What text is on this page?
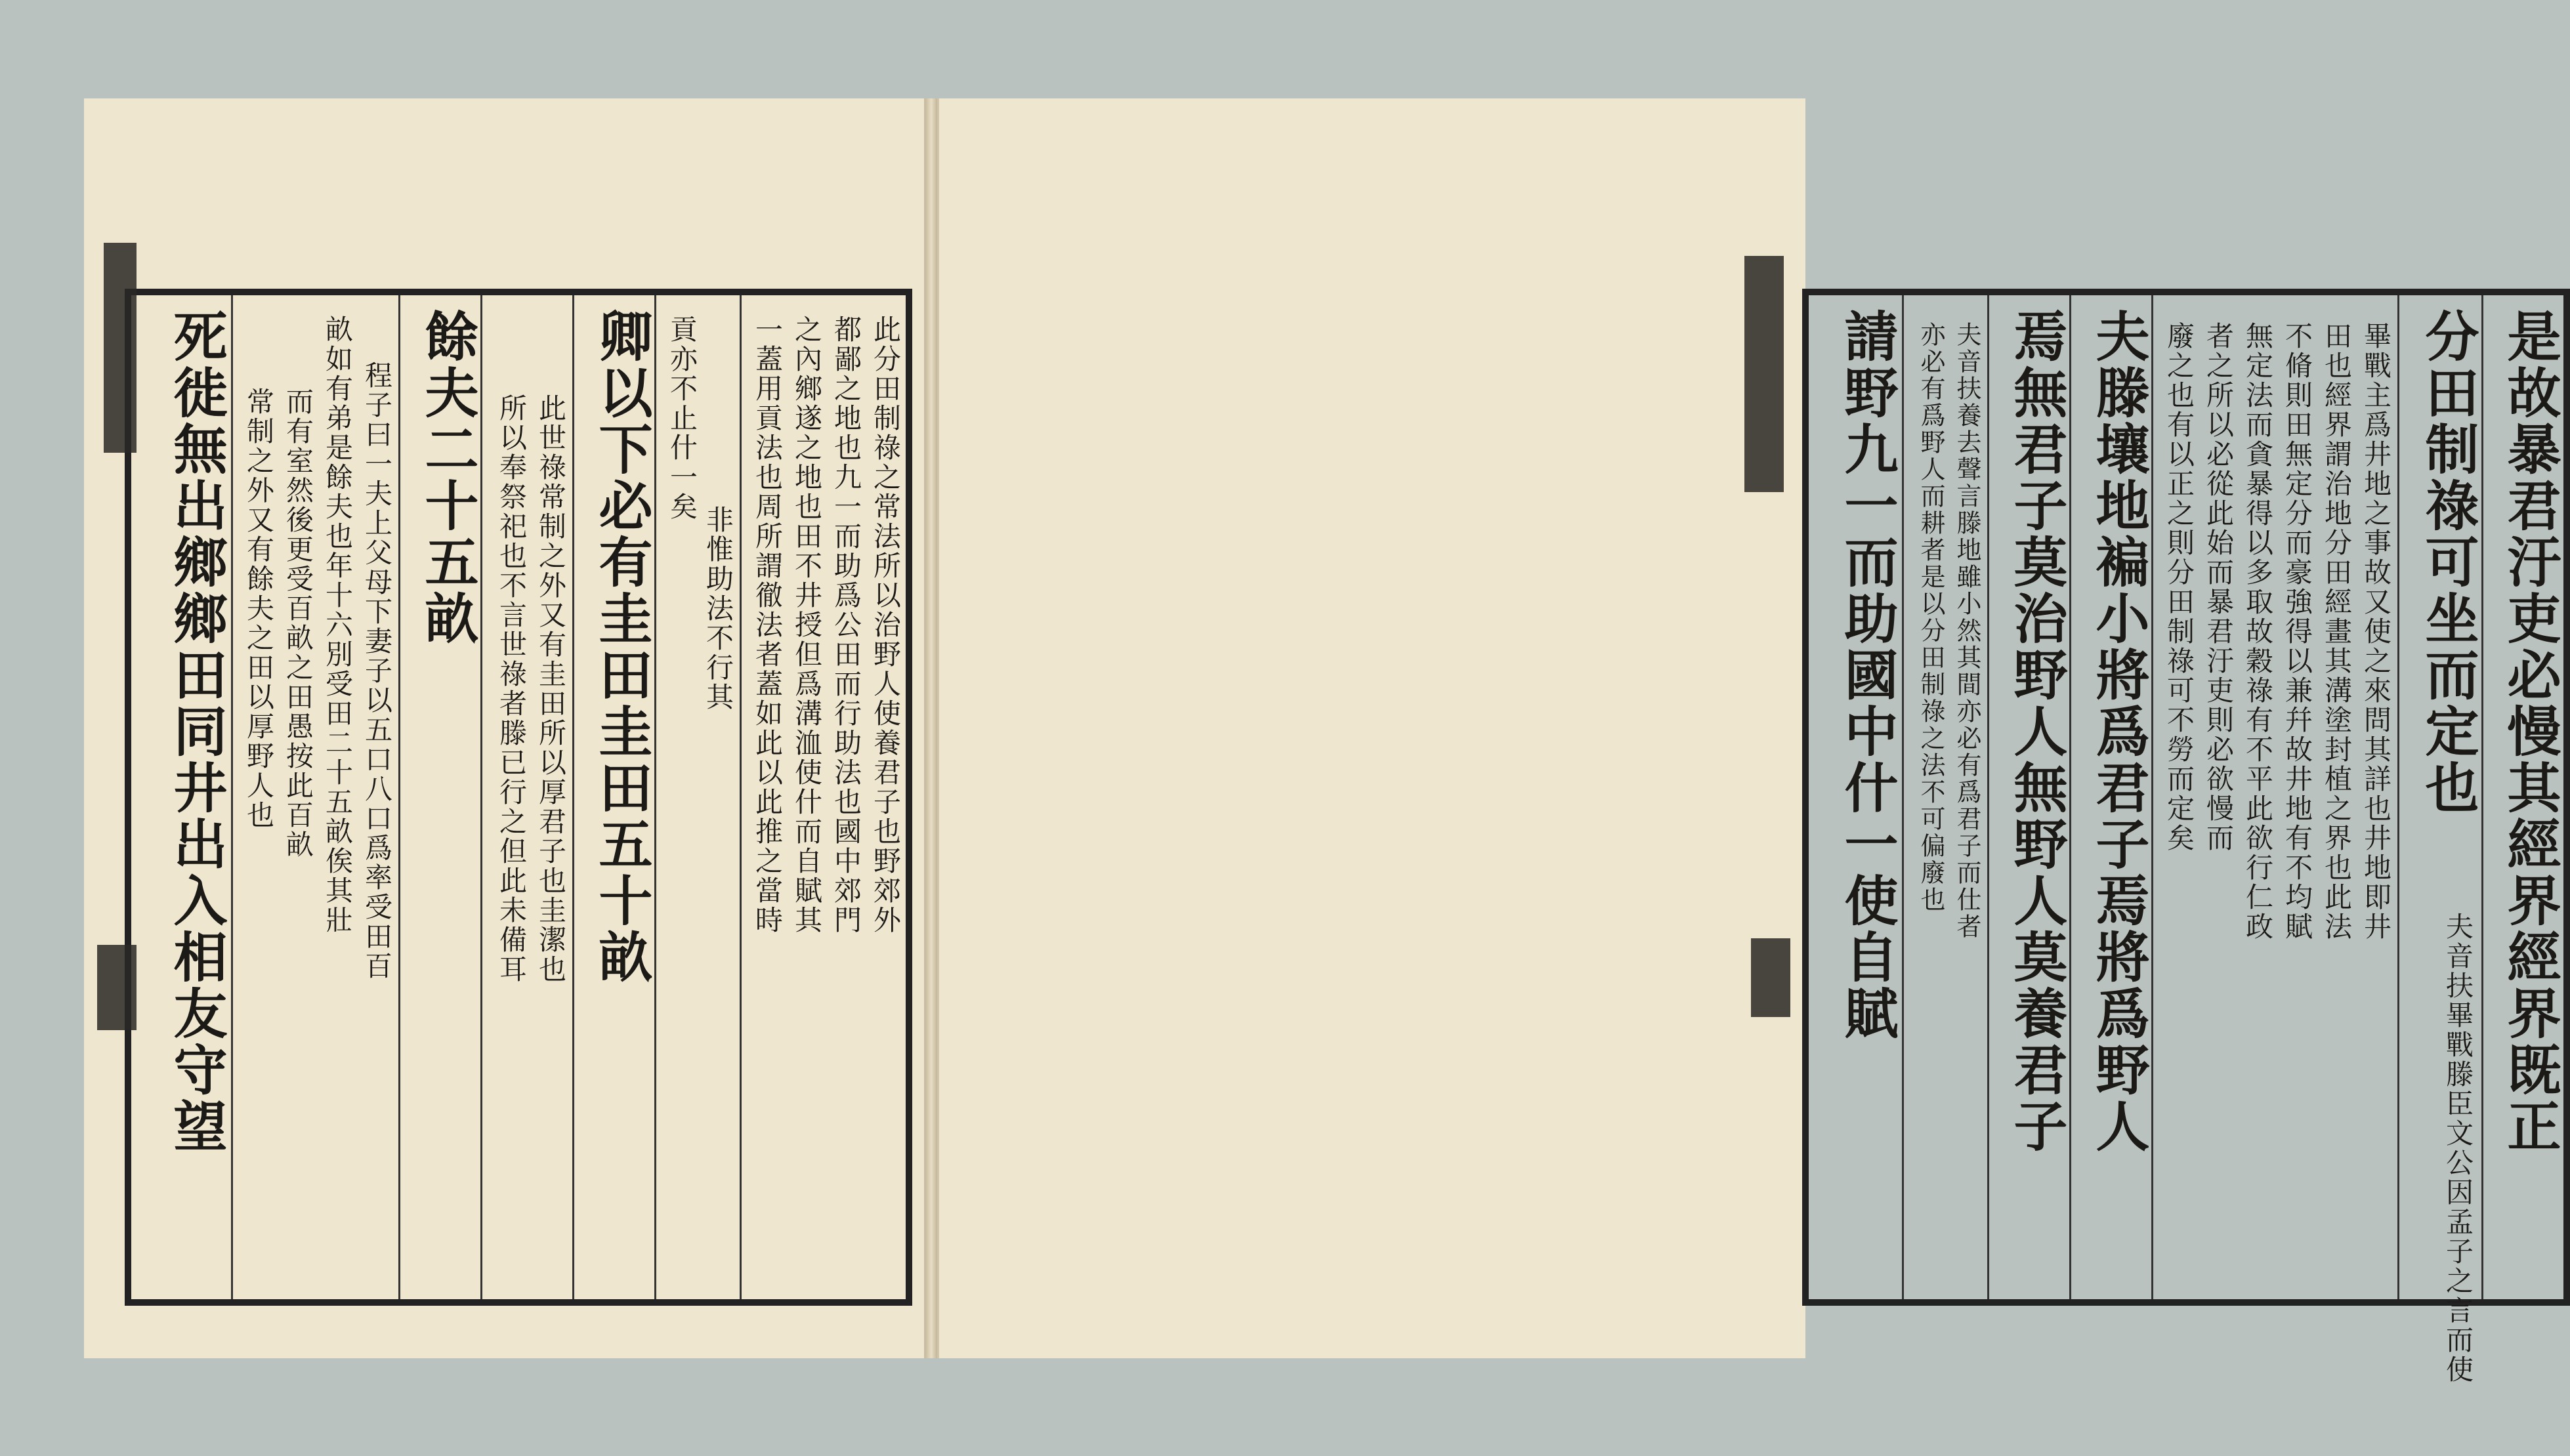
此分田制祿之常法所以治野人使養君子也野郊外
都鄙之地也九一而助爲公田而行助法也國中郊門
之內鄉遂之地也田不井授但爲溝洫使什而自賦其
一蓋用貢法也周所謂徹法者蓋如此以此推之當時
非惟助法不行其
貢亦不止什一矣
卿以下必有圭田圭田五十畝
此世祿常制之外又有圭田所以厚君子也圭潔也
所以奉祭祀也不言世祿者滕已行之但此未備耳
餘夫二十五畝
程子曰一夫上父母下妻子以五口八口爲率受田百
畝如有弟是餘夫也年十六別受田二十五畝俟其壯
而有室然後更受百畝之田愚按此百畝
常制之外又有餘夫之田以厚野人也
死徙無出鄉鄉田同井出入相友守望	是故暴君汙吏必慢其經界經界既正
分田制祿可坐而定也
夫音扶畢戰滕臣文公因孟子之言而使
畢戰主爲井地之事故又使之來問其詳也井地即井
田也經界謂治地分田經畫其溝塗封植之界也此法
不脩則田無定分而豪強得以兼幷故井地有不均賦
無定法而貪暴得以多取故穀祿有不平此欲行仁政
者之所以必從此始而暴君汙吏則必欲慢而
廢之也有以正之則分田制祿可不勞而定矣
夫滕壤地褊小將爲君子焉將爲野人
焉無君子莫治野人無野人莫養君子
夫音扶養去聲言滕地雖小然其間亦必有爲君子而仕者
亦必有爲野人而耕者是以分田制祿之法不可偏廢也
請野九一而助國中什一使自賦
